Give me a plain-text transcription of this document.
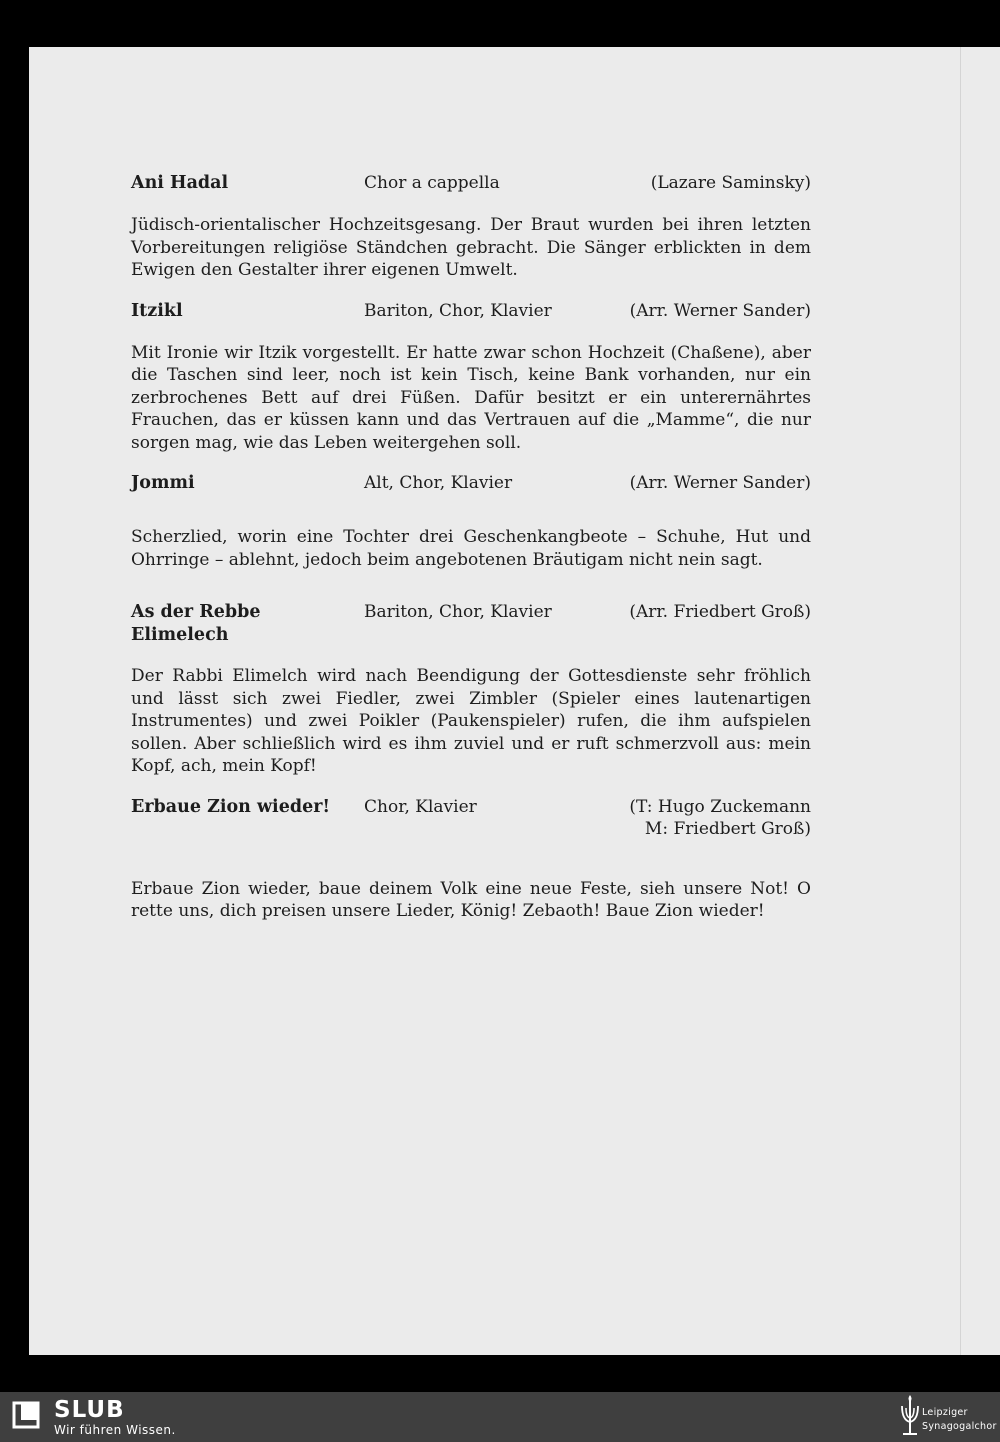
Ani Hadal	Chor a cappella	(Lazare Saminsky)

Jüdisch-orientalischer Hochzeitsgesang. Der Braut wurden bei ihren letzten Vorbereitungen religiöse Ständchen gebracht. Die Sänger erblickten in dem Ewigen den Gestalter ihrer eigenen Umwelt.

Itzikl	Bariton, Chor, Klavier	(Arr. Werner Sander)

Mit Ironie wir Itzik vorgestellt. Er hatte zwar schon Hochzeit (Chaßene), aber die Taschen sind leer, noch ist kein Tisch, keine Bank vorhanden, nur ein zerbrochenes Bett auf drei Füßen. Dafür besitzt er ein unterernährtes Frauchen, das er küssen kann und das Vertrauen auf die „Mamme“, die nur sorgen mag, wie das Leben weitergehen soll.

Jommi	Alt, Chor, Klavier	(Arr. Werner Sander)

Scherzlied, worin eine Tochter drei Geschenkangbeote – Schuhe, Hut und Ohrringe – ablehnt, jedoch beim angebotenen Bräutigam nicht nein sagt.

As der Rebbe
Elimelech
Bariton, Chor, Klavier	(Arr. Friedbert Groß)

Der Rabbi Elimelch wird nach Beendigung der Gottesdienste sehr fröhlich und lässt sich zwei Fiedler, zwei Zimbler (Spieler eines lautenartigen Instrumentes) und zwei Poikler (Paukenspieler) rufen, die ihm aufspielen sollen. Aber schließlich wird es ihm zuviel und er ruft schmerzvoll aus: mein Kopf, ach, mein Kopf!

Erbaue Zion wieder!	Chor, Klavier	(T: Hugo Zuckemann
M: Friedbert Groß)

Erbaue Zion wieder, baue deinem Volk eine neue Feste, sieh unsere Not! O rette uns, dich preisen unsere Lieder, König! Zebaoth! Baue Zion wieder!

SLUB
Wir führen Wissen.
Leipziger
Synagogalchor
